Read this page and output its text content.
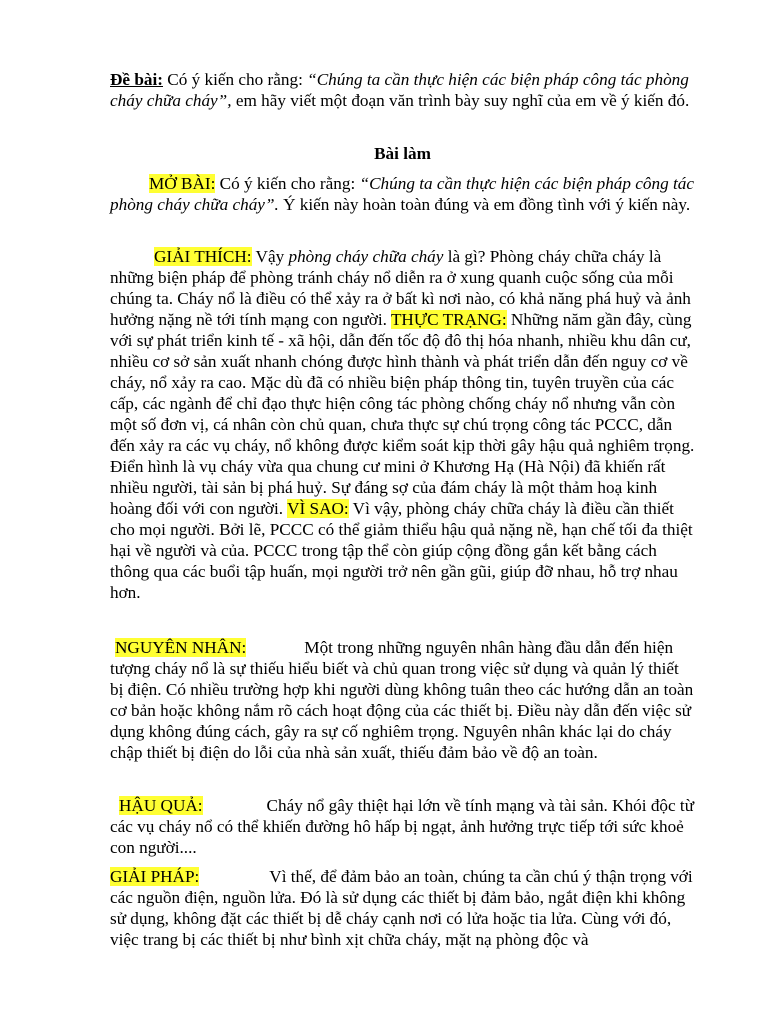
Đề bài: Có ý kiến cho rằng: “Chúng ta cần thực hiện các biện pháp công tác phòng cháy chữa cháy”, em hãy viết một đoạn văn trình bày suy nghĩ của em về ý kiến đó.

Bài làm

MỞ BÀI: Có ý kiến cho rằng: “Chúng ta cần thực hiện các biện pháp công tác phòng cháy chữa cháy”. Ý kiến này hoàn toàn đúng và em đồng tình với ý kiến này.

GIẢI THÍCH: Vậy phòng cháy chữa cháy là gì? Phòng cháy chữa cháy là những biện pháp để phòng tránh cháy nổ diễn ra ở xung quanh cuộc sống của mỗi chúng ta. Cháy nổ là điều có thể xảy ra ở bất kì nơi nào, có khả năng phá huỷ và ảnh hưởng nặng nề tới tính mạng con người. THỰC TRẠNG: Những năm gần đây, cùng với sự phát triển kinh tế - xã hội, dẫn đến tốc độ đô thị hóa nhanh, nhiều khu dân cư, nhiều cơ sở sản xuất nhanh chóng được hình thành và phát triển dẫn đến nguy cơ về cháy, nổ xảy ra cao. Mặc dù đã có nhiều biện pháp thông tin, tuyên truyền của các cấp, các ngành để chỉ đạo thực hiện công tác phòng chống cháy nổ nhưng vẫn còn một số đơn vị, cá nhân còn chủ quan, chưa thực sự chú trọng công tác PCCC, dẫn đến xảy ra các vụ cháy, nổ không được kiểm soát kịp thời gây hậu quả nghiêm trọng. Điển hình là vụ cháy vừa qua chung cư mini ở Khương Hạ (Hà Nội) đã khiến rất nhiều người, tài sản bị phá huỷ. Sự đáng sợ của đám cháy là một thảm hoạ kinh hoàng đối với con người. VÌ SAO: Vì vậy, phòng cháy chữa cháy là điều cần thiết cho mọi người. Bởi lẽ, PCCC có thể giảm thiểu hậu quả nặng nề, hạn chế tối đa thiệt hại về người và của. PCCC trong tập thể còn giúp cộng đồng gắn kết bằng cách thông qua các buổi tập huấn, mọi người trở nên gần gũi, giúp đỡ nhau, hỗ trợ nhau hơn.

NGUYÊN NHÂN:	Một trong những nguyên nhân hàng đầu dẫn đến hiện tượng cháy nổ là sự thiếu hiểu biết và chủ quan trong việc sử dụng và quản lý thiết bị điện. Có nhiều trường hợp khi người dùng không tuân theo các hướng dẫn an toàn cơ bản hoặc không nắm rõ cách hoạt động của các thiết bị. Điều này dẫn đến việc sử dụng không đúng cách, gây ra sự cố nghiêm trọng. Nguyên nhân khác lại do cháy chập thiết bị điện do lỗi của nhà sản xuất, thiếu đảm bảo về độ an toàn.

HẬU QUẢ:	Cháy nổ gây thiệt hại lớn về tính mạng và tài sản. Khói độc từ các vụ cháy nổ có thể khiến đường hô hấp bị ngạt, ảnh hưởng trực tiếp tới sức khoẻ con người....

GIẢI PHÁP:	Vì thế, để đảm bảo an toàn, chúng ta cần chú ý thận trọng với các nguồn điện, nguồn lửa. Đó là sử dụng các thiết bị đảm bảo, ngắt điện khi không sử dụng, không đặt các thiết bị dễ cháy cạnh nơi có lửa hoặc tia lửa. Cùng với đó, việc trang bị các thiết bị như bình xịt chữa cháy, mặt nạ phòng độc và
